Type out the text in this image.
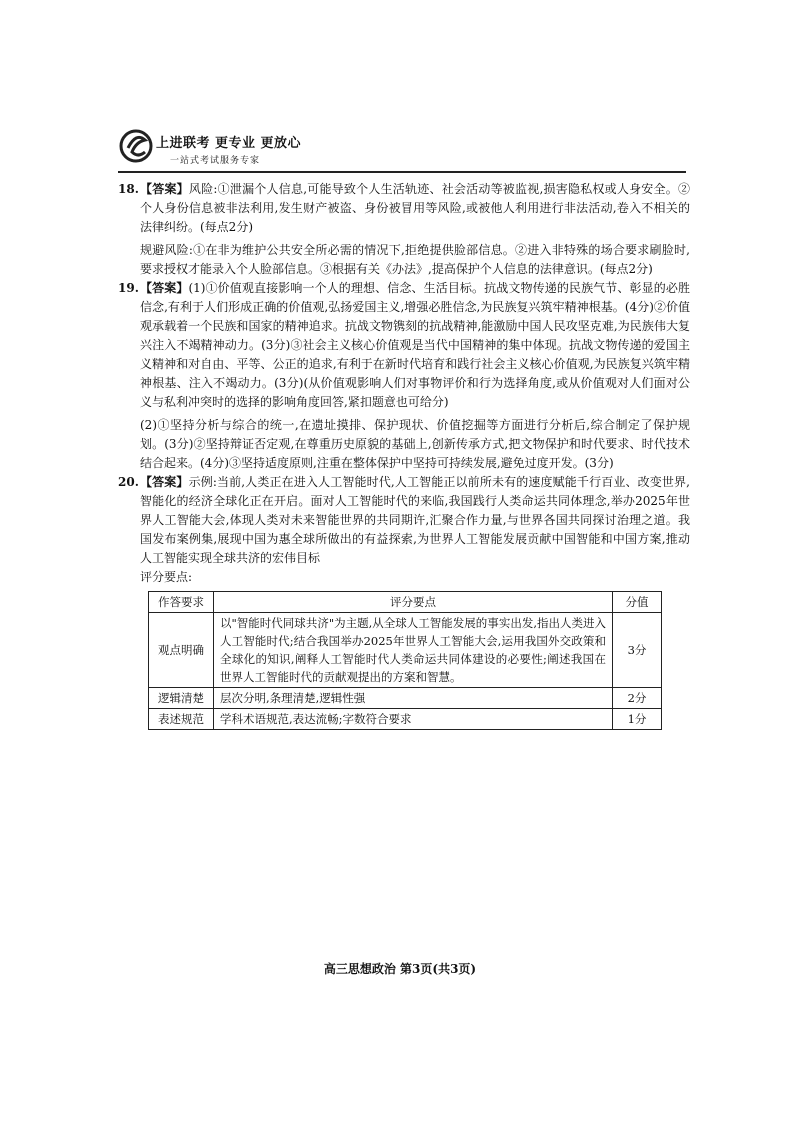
上进联考 更专业 更放心
一站式考试服务专家
18. 【答案】风险:①泄漏个人信息,可能导致个人生活轨迹、社会活动等被监视,损害隐私权或人身安全。②个人身份信息被非法利用,发生财产被盗、身份被冒用等风险,或被他人利用进行非法活动,卷入不相关的法律纠纷。(每点2分)

规避风险:①在非为维护公共安全所必需的情况下,拒绝提供脸部信息。②进入非特殊的场合要求刷脸时,要求授权才能录入个人脸部信息。③根据有关《办法》,提高保护个人信息的法律意识。(每点2分)

19. 【答案】(1)①价值观直接影响一个人的理想、信念、生活目标。抗战文物传递的民族气节、彰显的必胜信念,有利于人们形成正确的价值观,弘扬爱国主义,增强必胜信念,为民族复兴筑牢精神根基。(4分)②价值观承载着一个民族和国家的精神追求。抗战文物镌刻的抗战精神,能激励中国人民攻坚克难,为民族伟大复兴注入不竭精神动力。(3分)③社会主义核心价值观是当代中国精神的集中体现。抗战文物传递的爱国主义精神和对自由、平等、公正的追求,有利于在新时代培育和践行社会主义核心价值观,为民族复兴筑牢精神根基、注入不竭动力。(3分)(从价值观影响人们对事物评价和行为选择角度,或从价值观对人们面对公义与私利冲突时的选择的影响角度回答,紧扣题意也可给分)

(2)①坚持分析与综合的统一,在遗址摸排、保护现状、价值挖掘等方面进行分析后,综合制定了保护规划。(3分)②坚持辩证否定观,在尊重历史原貌的基础上,创新传承方式,把文物保护和时代要求、时代技术结合起来。(4分)③坚持适度原则,注重在整体保护中坚持可持续发展,避免过度开发。(3分)

20. 【答案】示例:当前,人类正在进入人工智能时代,人工智能正以前所未有的速度赋能千行百业、改变世界,智能化的经济全球化正在开启。面对人工智能时代的来临,我国践行人类命运共同体理念,举办2025年世界人工智能大会,体现人类对未来智能世界的共同期许,汇聚合作力量,与世界各国共同探讨治理之道。我国发布案例集,展现中国为惠全球所做出的有益探索,为世界人工智能发展贡献中国智能和中国方案,推动人工智能实现全球共济的宏伟目标

评分要点:

作答要求	评分要点	分值
观点明确	以"智能时代同球共济"为主题,从全球人工智能发展的事实出发,指出人类进入人工智能时代;结合我国举办2025年世界人工智能大会,运用我国外交政策和全球化的知识,阐释人工智能时代人类命运共同体建设的必要性;阐述我国在世界人工智能时代的贡献观提出的方案和智慧。	3分
逻辑清楚	层次分明,条理清楚,逻辑性强	2分
表述规范	学科术语规范,表达流畅;字数符合要求	1分
高三思想政治 第3页(共3页)
